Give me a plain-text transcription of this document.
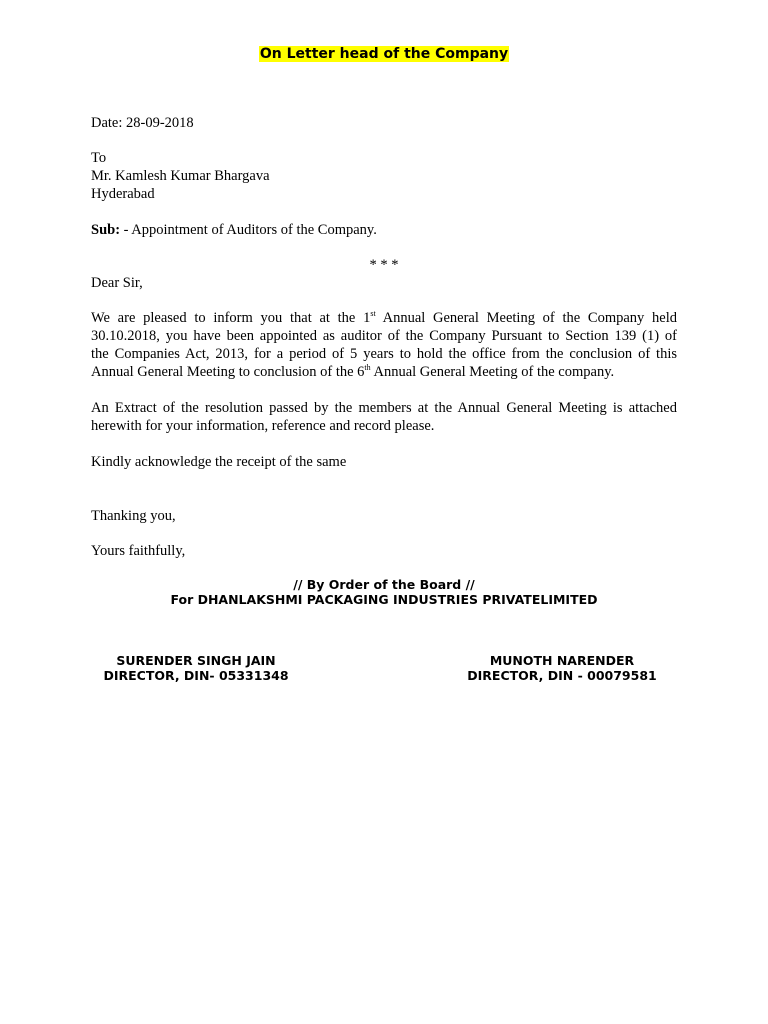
On Letter head of the Company
Date: 28-09-2018
To
Mr. Kamlesh Kumar Bhargava
Hyderabad
Sub: - Appointment of Auditors of the Company.
* * *
Dear Sir,
We are pleased to inform you that at the 1st Annual General Meeting of the Company held
30.10.2018, you have been appointed as auditor of the Company Pursuant to Section 139 (1) of
the Companies Act, 2013, for a period of 5 years to hold the office from the conclusion of this
Annual General Meeting to conclusion of the 6th Annual General Meeting of the company.
An Extract of the resolution passed by the members at the Annual General Meeting is attached
herewith for your information, reference and record please.
Kindly acknowledge the receipt of the same
Thanking you,
Yours faithfully,
// By Order of the Board //
For DHANLAKSHMI PACKAGING INDUSTRIES PRIVATELIMITED
SURENDER SINGH JAIN
DIRECTOR, DIN- 05331348
MUNOTH NARENDER
DIRECTOR, DIN - 00079581
